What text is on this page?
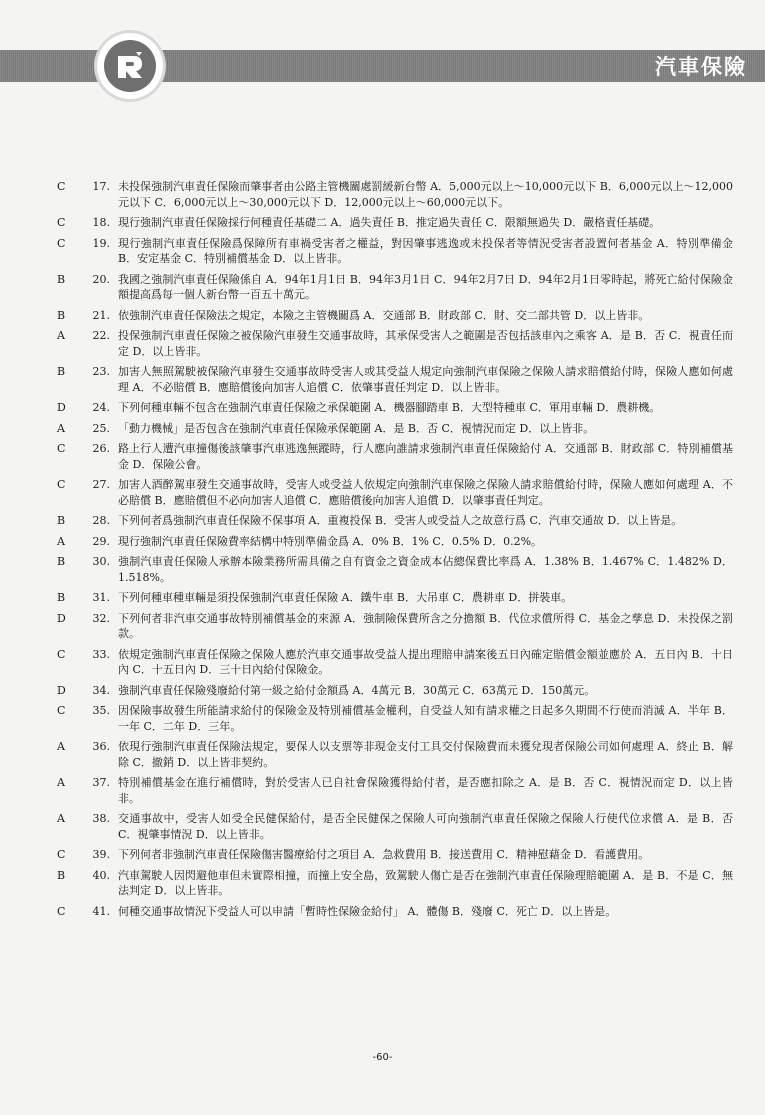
汽車保險
C	17. 未投保強制汽車責任保險而肇事者由公路主管機關處罰緩新台幣 A．5,000元以上～10,000元以下 B．6,000元以上～12,000元以下 C．6,000元以上～30,000元以下 D．12,000元以上～60,000元以下。
C	18. 現行強制汽車責任保險採行何種責任基礎二 A．過失責任 B．推定過失責任 C．限額無過失 D．嚴格責任基礎。
C	19. 現行強制汽車責任保險爲保障所有車禍受害者之權益，對因肇事逃逸或未投保者等情況受害者設置何者基金 A．特別準備金 B．安定基金 C．特別補償基金 D．以上皆非。
B	20. 我國之強制汽車責任保險係自 A．94年1月1日 B．94年3月1日 C．94年2月7日 D．94年2月1日零時起，將死亡給付保險金額提高爲每一個人新台幣一百五十萬元。
B	21. 依強制汽車責任保險法之規定，本險之主管機關爲 A．交通部 B．財政部 C．財、交二部共管 D．以上皆非。
A	22. 投保強制汽車責任保險之被保險汽車發生交通事故時，其承保受害人之範圍是否包括該車內之乘客 A．是 B．否 C．視責任而定 D．以上皆非。
B	23. 加害人無照駕駛被保險汽車發生交通事故時受害人或其受益人規定向強制汽車保險之保險人請求賠償給付時，保險人應如何處理 A．不必賠償 B．應賠償後向加害人追償 C．依肇事責任判定 D．以上皆非。
D	24. 下列何種車輛不包含在強制汽車責任保險之承保範圍 A．機器腳踏車 B．大型特種車 C．軍用車輛 D．農耕機。
A	25. 「動力機械」是否包含在強制汽車責任保險承保範圍 A．是 B．否 C．視情況而定 D．以上皆非。
C	26. 路上行人遭汽車撞傷後該肇事汽車逃逸無蹤時，行人應向誰請求強制汽車責任保險給付 A．交通部 B．財政部 C．特別補償基金 D．保險公會。
C	27. 加害人酒醉駕車發生交通事故時，受害人或受益人依規定向強制汽車保險之保險人請求賠償給付時，保險人應如何處理 A．不必賠償 B．應賠償但不必向加害人追償 C．應賠償後向加害人追償 D．以肇事責任判定。
B	28. 下列何者爲強制汽車責任保險不保事項 A．重複投保 B．受害人或受益人之故意行爲 C．汽車交通故 D．以上皆是。
A	29. 現行強制汽車責任保險費率結構中特別準備金爲 A．0% B．1% C．0.5% D．0.2%。
B	30. 強制汽車責任保險人承辦本險業務所需具備之自有資金之資金成本佔總保費比率爲 A．1.38% B．1.467% C．1.482% D．1.518%。
B	31. 下列何種車種車輛是須投保強制汽車責任保險 A．鐵牛車 B．大吊車 C．農耕車 D．拼裝車。
D	32. 下列何者非汽車交通事故特別補償基金的來源 A．強制險保費所含之分擔額 B．代位求償所得 C．基金之孳息 D．未投保之罰款。
C	33. 依規定強制汽車責任保險之保險人應於汽車交通事故受益人提出理賠申請案後五日內確定賠償金額並應於 A．五日內 B．十日內 C．十五日內 D．三十日內給付保險金。
D	34. 強制汽車責任保險殘廢給付第一級之給付金額爲 A．4萬元 B．30萬元 C．63萬元 D．150萬元。
C	35. 因保險事故發生所能請求給付的保險金及特別補償基金權利，自受益人知有請求權之日起多久期間不行使而消滅 A．半年 B．一年 C．二年 D．三年。
A	36. 依現行強制汽車責任保險法規定，要保人以支票等非現金支付工具交付保險費而未獲兌現者保險公司如何處理 A．終止 B．解除 C．撤銷 D．以上皆非契約。
A	37. 特別補償基金在進行補償時，對於受害人已自社會保險獲得給付者，是否應扣除之 A．是 B．否 C．視情況而定 D．以上皆非。
A	38. 交通事故中，受害人如受全民健保給付，是否全民健保之保險人可向強制汽車責任保險之保險人行使代位求償 A．是 B．否 C．視肇事情況 D．以上皆非。
C	39. 下列何者非強制汽車責任保險傷害醫療給付之項目 A．急救費用 B．接送費用 C．精神慰藉金 D．看護費用。
B	40. 汽車駕駛人因閃避他車但未實際相撞，而撞上安全島，致駕駛人傷亡是否在強制汽車責任保險理賠範圍 A．是 B．不是 C．無法判定 D．以上皆非。
C	41. 何種交通事故情況下受益人可以申請「暫時性保險金給付」 A．體傷 B．殘廢 C．死亡 D．以上皆是。
-60-
